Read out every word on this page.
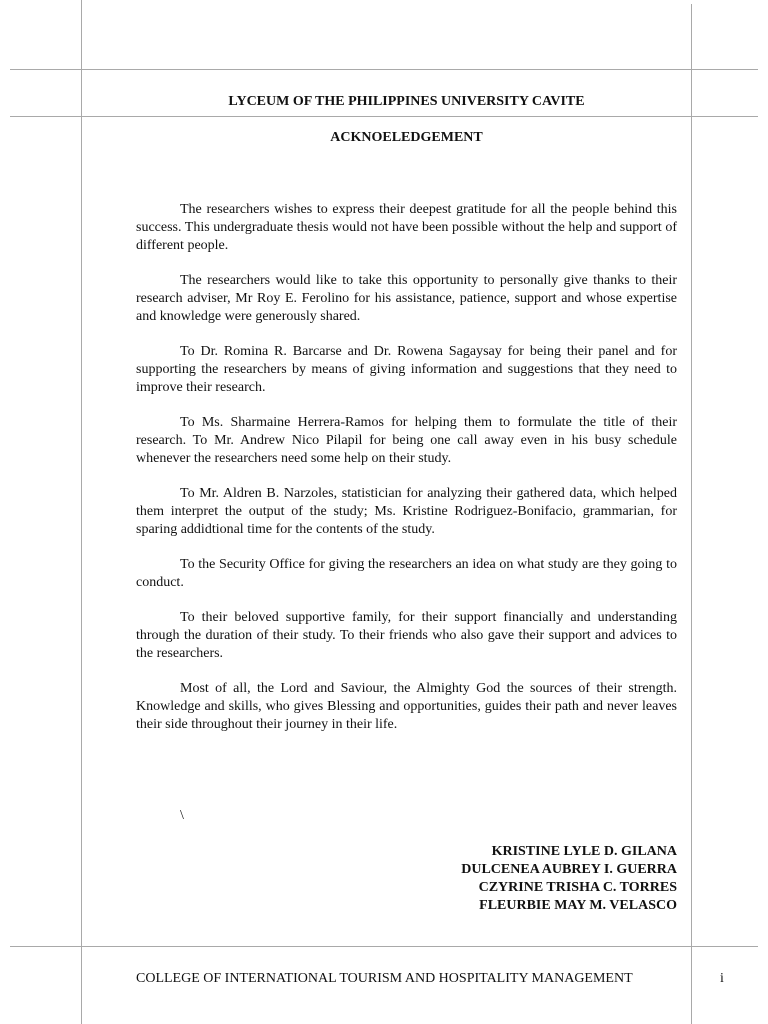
LYCEUM OF THE PHILIPPINES UNIVERSITY CAVITE
ACKNOELEDGEMENT

The researchers wishes to express their deepest gratitude for all the people behind this success. This undergraduate thesis would not have been possible without the help and support of different people.

The researchers would like to take this opportunity to personally give thanks to their research adviser, Mr Roy E. Ferolino for his assistance, patience, support and whose expertise and knowledge were generously shared.

To Dr. Romina R. Barcarse and Dr. Rowena Sagaysay for being their panel and for supporting the researchers by means of giving information and suggestions that they need to improve their research.

To Ms. Sharmaine Herrera-Ramos for helping them to formulate the title of their research. To Mr. Andrew Nico Pilapil for being one call away even in his busy schedule whenever the researchers need some help on their study.

To Mr. Aldren B. Narzoles, statistician for analyzing their gathered data, which helped them interpret the output of the study; Ms. Kristine Rodriguez-Bonifacio, grammarian, for sparing addidtional time for the contents of the study.

To the Security Office for giving the researchers an idea on what study are they going to conduct.

To their beloved supportive family, for their support financially and understanding through the duration of their study. To their friends who also gave their support and advices to the researchers.

Most of all, the Lord and Saviour, the Almighty God the sources of their strength. Knowledge and skills, who gives Blessing and opportunities, guides their path and never leaves their side throughout their journey in their life.

\
KRISTINE LYLE D. GILANA
DULCENEA AUBREY I. GUERRA
CZYRINE TRISHA C. TORRES
FLEURBIE MAY M. VELASCO
COLLEGE OF INTERNATIONAL TOURISM AND HOSPITALITY MANAGEMENT	i
